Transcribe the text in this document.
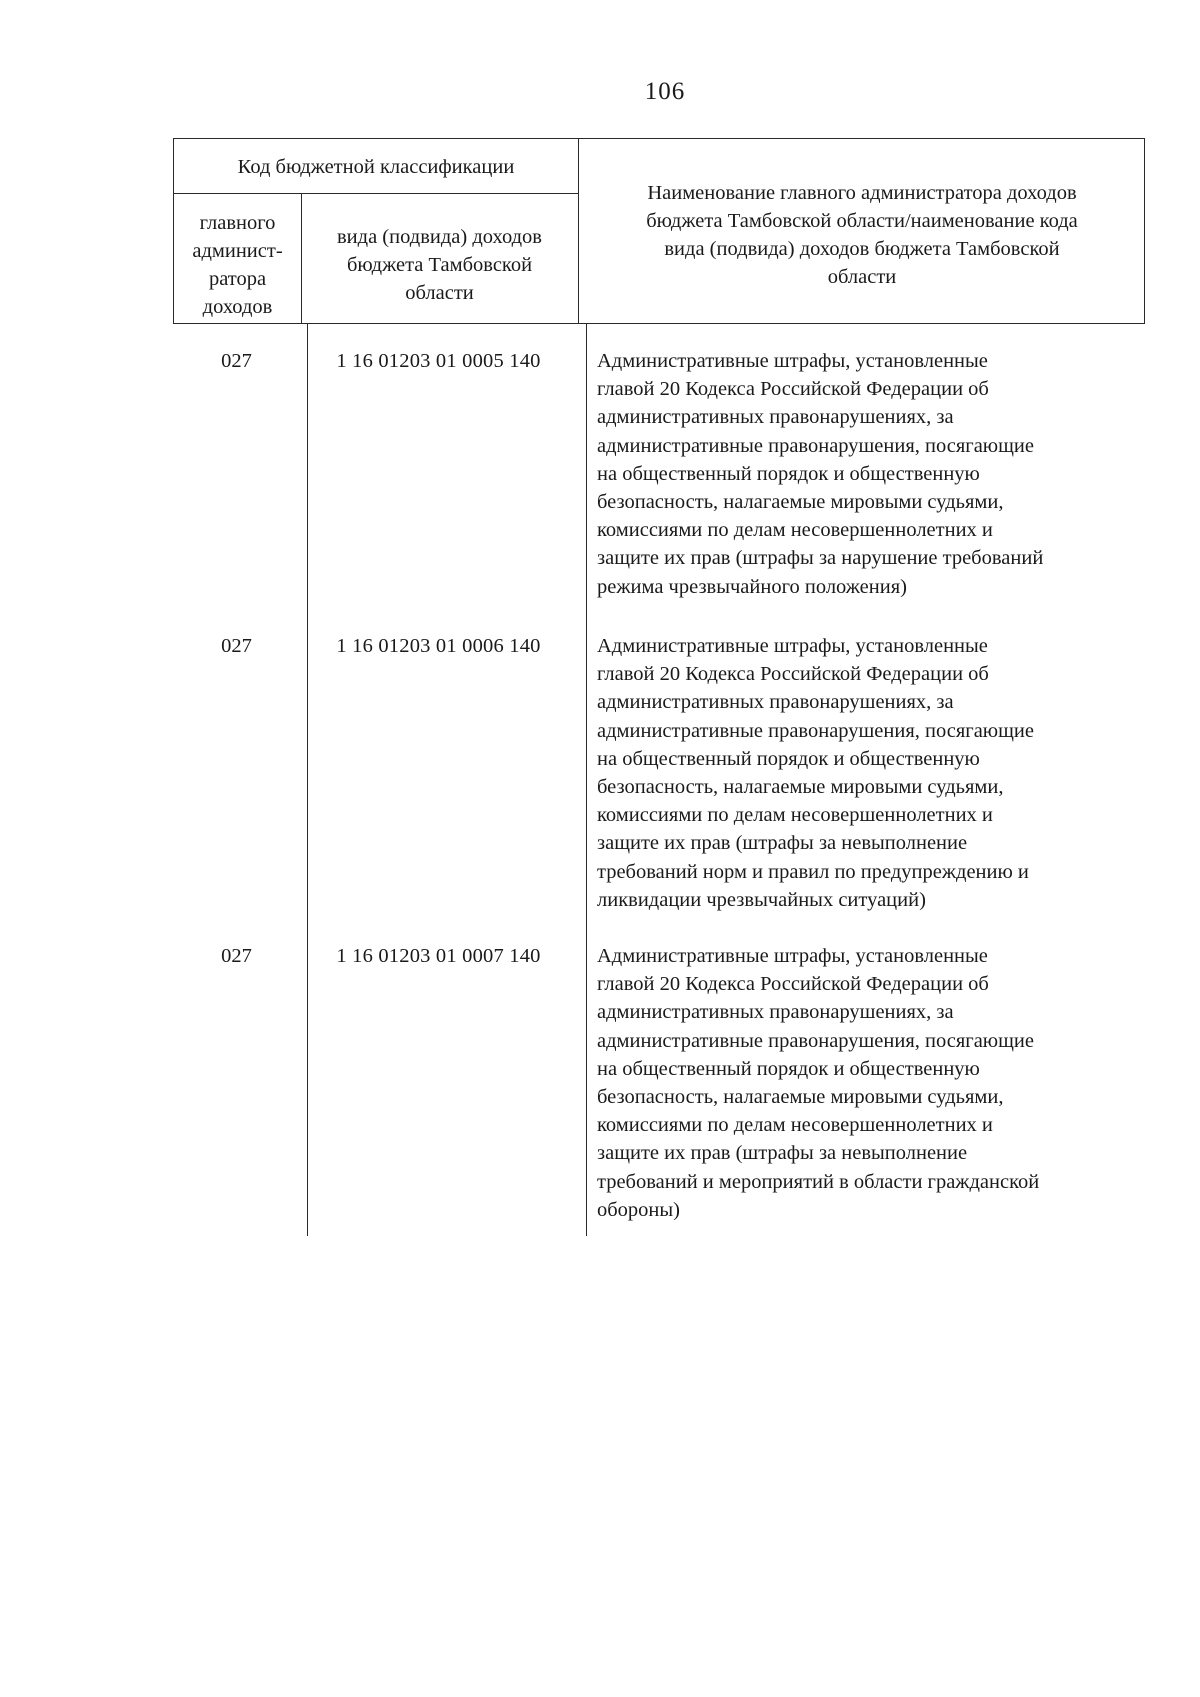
106
Код бюджетной классификации
главного
админист-
ратора
доходов
вида (подвида) доходов
бюджета Тамбовской
области
Наименование главного администратора доходов
бюджета Тамбовской области/наименование кода
вида (подвида) доходов бюджета Тамбовской
области
027	1 16 01203 01 0005 140	Административные штрафы, установленные
главой 20 Кодекса Российской Федерации об
административных правонарушениях, за
административные правонарушения, посягающие
на общественный порядок и общественную
безопасность, налагаемые мировыми судьями,
комиссиями по делам несовершеннолетних и
защите их прав (штрафы за нарушение требований
режима чрезвычайного положения)
027	1 16 01203 01 0006 140	Административные штрафы, установленные
главой 20 Кодекса Российской Федерации об
административных правонарушениях, за
административные правонарушения, посягающие
на общественный порядок и общественную
безопасность, налагаемые мировыми судьями,
комиссиями по делам несовершеннолетних и
защите их прав (штрафы за невыполнение
требований норм и правил по предупреждению и
ликвидации чрезвычайных ситуаций)
027	1 16 01203 01 0007 140	Административные штрафы, установленные
главой 20 Кодекса Российской Федерации об
административных правонарушениях, за
административные правонарушения, посягающие
на общественный порядок и общественную
безопасность, налагаемые мировыми судьями,
комиссиями по делам несовершеннолетних и
защите их прав (штрафы за невыполнение
требований и мероприятий в области гражданской
обороны)
